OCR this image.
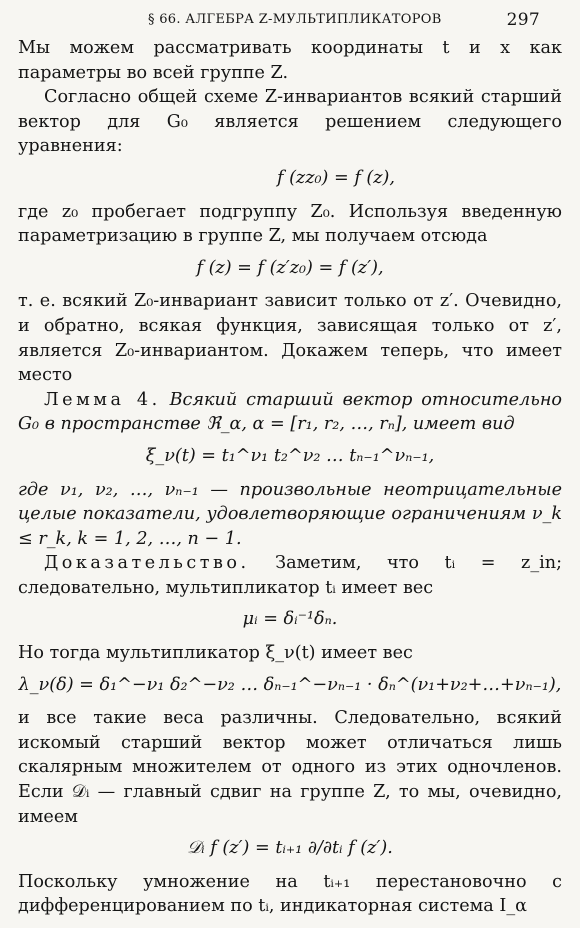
§ 66. АЛГЕБРА Z-МУЛЬТИПЛИКАТОРОВ	297

Мы можем рассматривать координаты t и x как параметры во всей группе Z.

Согласно общей схеме Z-инвариантов всякий старший вектор для G₀ является решением следующего уравнения:

f (zz₀) = f (z),

где z₀ пробегает подгруппу Z₀. Используя введенную параметризацию в группе Z, мы получаем отсюда

f (z) = f (z′z₀) = f (z′),

т. е. всякий Z₀-инвариант зависит только от z′. Очевидно, и обратно, всякая функция, зависящая только от z′, является Z₀-инвариантом. Докажем теперь, что имеет место

Лемма 4. Всякий старший вектор относительно G₀ в пространстве ℜ_α, α = [r₁, r₂, …, rₙ], имеет вид

ξ_ν(t) = t₁^ν₁ t₂^ν₂ … tₙ₋₁^νₙ₋₁,

где ν₁, ν₂, …, νₙ₋₁ — произвольные неотрицательные целые показатели, удовлетворяющие ограничениям ν_k ≤ r_k, k = 1, 2, …, n − 1.

Доказательство. Заметим, что tᵢ = z_in; следовательно, мультипликатор tᵢ имеет вес

μᵢ = δᵢ⁻¹δₙ.

Но тогда мультипликатор ξ_ν(t) имеет вес

λ_ν(δ) = δ₁^−ν₁ δ₂^−ν₂ … δₙ₋₁^−νₙ₋₁ · δₙ^(ν₁+ν₂+…+νₙ₋₁),

и все такие веса различны. Следовательно, всякий искомый старший вектор может отличаться лишь скалярным множителем от одного из этих одночленов. Если 𝒟ᵢ — главный сдвиг на группе Z, то мы, очевидно, имеем

𝒟ᵢ f (z′) = tᵢ₊₁ ∂/∂tᵢ f (z′).

Поскольку умножение на tᵢ₊₁ перестановочно с дифференцированием по tᵢ, индикаторная система I_α
